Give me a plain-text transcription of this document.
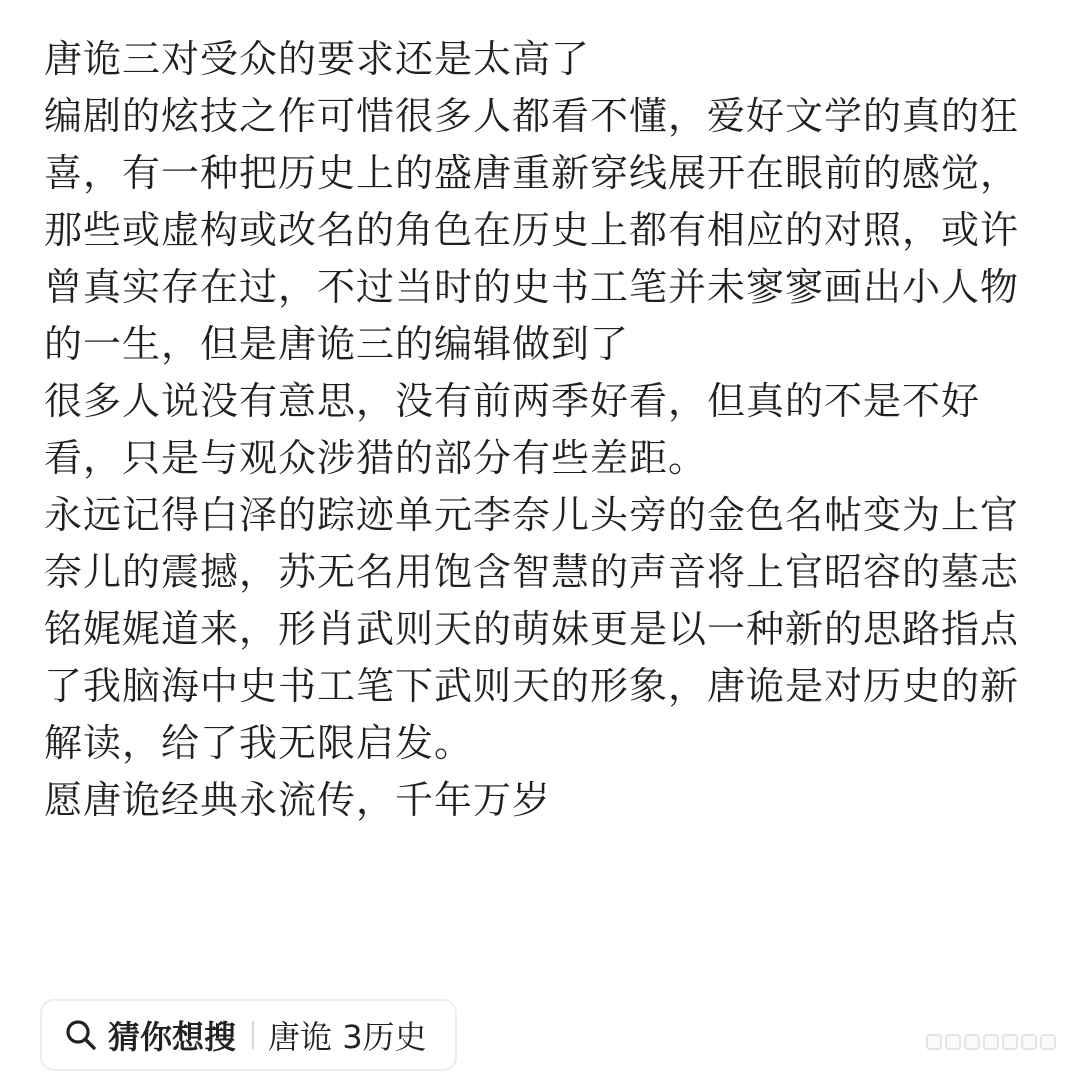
唐诡三对受众的要求还是太高了

编剧的炫技之作可惜很多人都看不懂，爱好文学的真的狂喜，有一种把历史上的盛唐重新穿线展开在眼前的感觉，那些或虚构或改名的角色在历史上都有相应的对照，或许曾真实存在过，不过当时的史书工笔并未寥寥画出小人物的一生，但是唐诡三的编辑做到了

很多人说没有意思，没有前两季好看，但真的不是不好看，只是与观众涉猎的部分有些差距。

永远记得白泽的踪迹单元李奈儿头旁的金色名帖变为上官奈儿的震撼，苏无名用饱含智慧的声音将上官昭容的墓志铭娓娓道来，形肖武则天的萌妹更是以一种新的思路指点了我脑海中史书工笔下武则天的形象，唐诡是对历史的新解读，给了我无限启发。

愿唐诡经典永流传，千年万岁

猜你想搜 唐诡 3历史
